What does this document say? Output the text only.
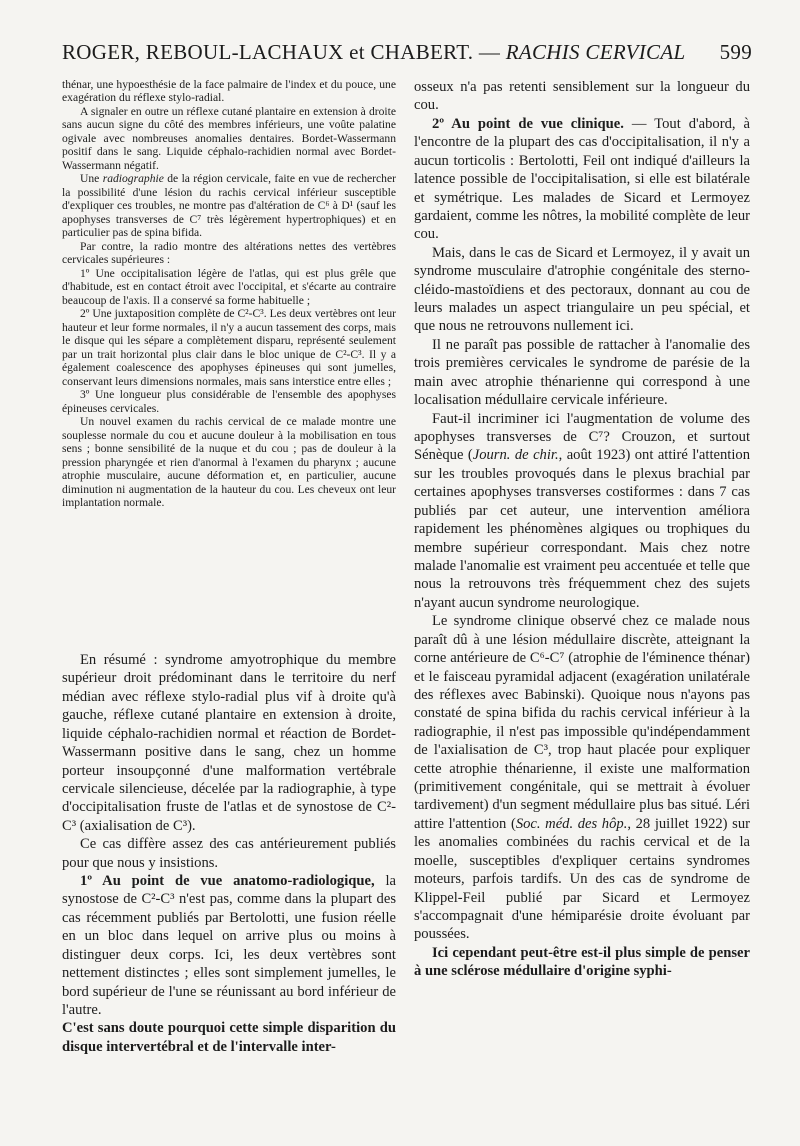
ROGER, REBOUL-LACHAUX et CHABERT. — RACHIS CERVICAL 599

thénar, une hypoesthésie de la face palmaire de l'index et du pouce, une exagération du réflexe stylo-radial.

A signaler en outre un réflexe cutané plantaire en extension à droite sans aucun signe du côté des membres inférieurs, une voûte palatine ogivale avec nombreuses anomalies dentaires. Bordet-Wassermann positif dans le sang. Liquide céphalo-rachidien normal avec Bordet-Wassermann négatif.

Une radiographie de la région cervicale, faite en vue de rechercher la possibilité d'une lésion du rachis cervical inférieur susceptible d'expliquer ces troubles, ne montre pas d'altération de C⁶ à D¹ (sauf les apophyses transverses de C⁷ très légèrement hypertrophiques) et en particulier pas de spina bifida.

Par contre, la radio montre des altérations nettes des vertèbres cervicales supérieures :

1º Une occipitalisation légère de l'atlas, qui est plus grêle que d'habitude, est en contact étroit avec l'occipital, et s'écarte au contraire beaucoup de l'axis. Il a conservé sa forme habituelle ;

2º Une juxtaposition complète de C²-C³. Les deux vertèbres ont leur hauteur et leur forme normales, il n'y a aucun tassement des corps, mais le disque qui les sépare a complètement disparu, représenté seulement par un trait horizontal plus clair dans le bloc unique de C²-C³. Il y a également coalescence des apophyses épineuses qui sont jumelles, conservant leurs dimensions normales, mais sans interstice entre elles ;

3º Une longueur plus considérable de l'ensemble des apophyses épineuses cervicales.

Un nouvel examen du rachis cervical de ce malade montre une souplesse normale du cou et aucune douleur à la mobilisation en tous sens ; bonne sensibilité de la nuque et du cou ; pas de douleur à la pression pharyngée et rien d'anormal à l'examen du pharynx ; aucune atrophie musculaire, aucune déformation et, en particulier, aucune diminution ni augmentation de la hauteur du cou. Les cheveux ont leur implantation normale.

En résumé : syndrome amyotrophique du membre supérieur droit prédominant dans le territoire du nerf médian avec réflexe stylo-radial plus vif à droite qu'à gauche, réflexe cutané plantaire en extension à droite, liquide céphalo-rachidien normal et réaction de Bordet-Wassermann positive dans le sang, chez un homme porteur insoupçonné d'une malformation vertébrale cervicale silencieuse, décelée par la radiographie, à type d'occipitalisation fruste de l'atlas et de synostose de C²-C³ (axialisation de C³).

Ce cas diffère assez des cas antérieurement publiés pour que nous y insistions.

1º Au point de vue anatomo-radiologique, la synostose de C²-C³ n'est pas, comme dans la plupart des cas récemment publiés par Bertolotti, une fusion réelle en un bloc dans lequel on arrive plus ou moins à distinguer deux corps. Ici, les deux vertèbres sont nettement distinctes ; elles sont simplement jumelles, le bord supérieur de l'une se réunissant au bord inférieur de l'autre.

C'est sans doute pourquoi cette simple disparition du disque intervertébral et de l'intervalle inter-

osseux n'a pas retenti sensiblement sur la longueur du cou.

2º Au point de vue clinique. — Tout d'abord, à l'encontre de la plupart des cas d'occipitalisation, il n'y a aucun torticolis : Bertolotti, Feil ont indiqué d'ailleurs la latence possible de l'occipitalisation, si elle est bilatérale et symétrique. Les malades de Sicard et Lermoyez gardaient, comme les nôtres, la mobilité complète de leur cou.

Mais, dans le cas de Sicard et Lermoyez, il y avait un syndrome musculaire d'atrophie congénitale des sterno-cléido-mastoïdiens et des pectoraux, donnant au cou de leurs malades un aspect triangulaire un peu spécial, et que nous ne retrouvons nullement ici.

Il ne paraît pas possible de rattacher à l'anomalie des trois premières cervicales le syndrome de parésie de la main avec atrophie thénarienne qui correspond à une localisation médullaire cervicale inférieure.

Faut-il incriminer ici l'augmentation de volume des apophyses transverses de C⁷? Crouzon, et surtout Sénèque (Journ. de chir., août 1923) ont attiré l'attention sur les troubles provoqués dans le plexus brachial par certaines apophyses transverses costiformes : dans 7 cas publiés par cet auteur, une intervention améliora rapidement les phénomènes algiques ou trophiques du membre supérieur correspondant. Mais chez notre malade l'anomalie est vraiment peu accentuée et telle que nous la retrouvons très fréquemment chez des sujets n'ayant aucun syndrome neurologique.

Le syndrome clinique observé chez ce malade nous paraît dû à une lésion médullaire discrète, atteignant la corne antérieure de C⁶-C⁷ (atrophie de l'éminence thénar) et le faisceau pyramidal adjacent (exagération unilatérale des réflexes avec Babinski). Quoique nous n'ayons pas constaté de spina bifida du rachis cervical inférieur à la radiographie, il n'est pas impossible qu'indépendamment de l'axialisation de C³, trop haut placée pour expliquer cette atrophie thénarienne, il existe une malformation (primitivement congénitale, qui se mettrait à évoluer tardivement) d'un segment médullaire plus bas situé. Léri attire l'attention (Soc. méd. des hôp., 28 juillet 1922) sur les anomalies combinées du rachis cervical et de la moelle, susceptibles d'expliquer certains syndromes moteurs, parfois tardifs. Un des cas de syndrome de Klippel-Feil publié par Sicard et Lermoyez s'accompagnait d'une hémiparésie droite évoluant par poussées.

Ici cependant peut-être est-il plus simple de penser à une sclérose médullaire d'origine syphi-
